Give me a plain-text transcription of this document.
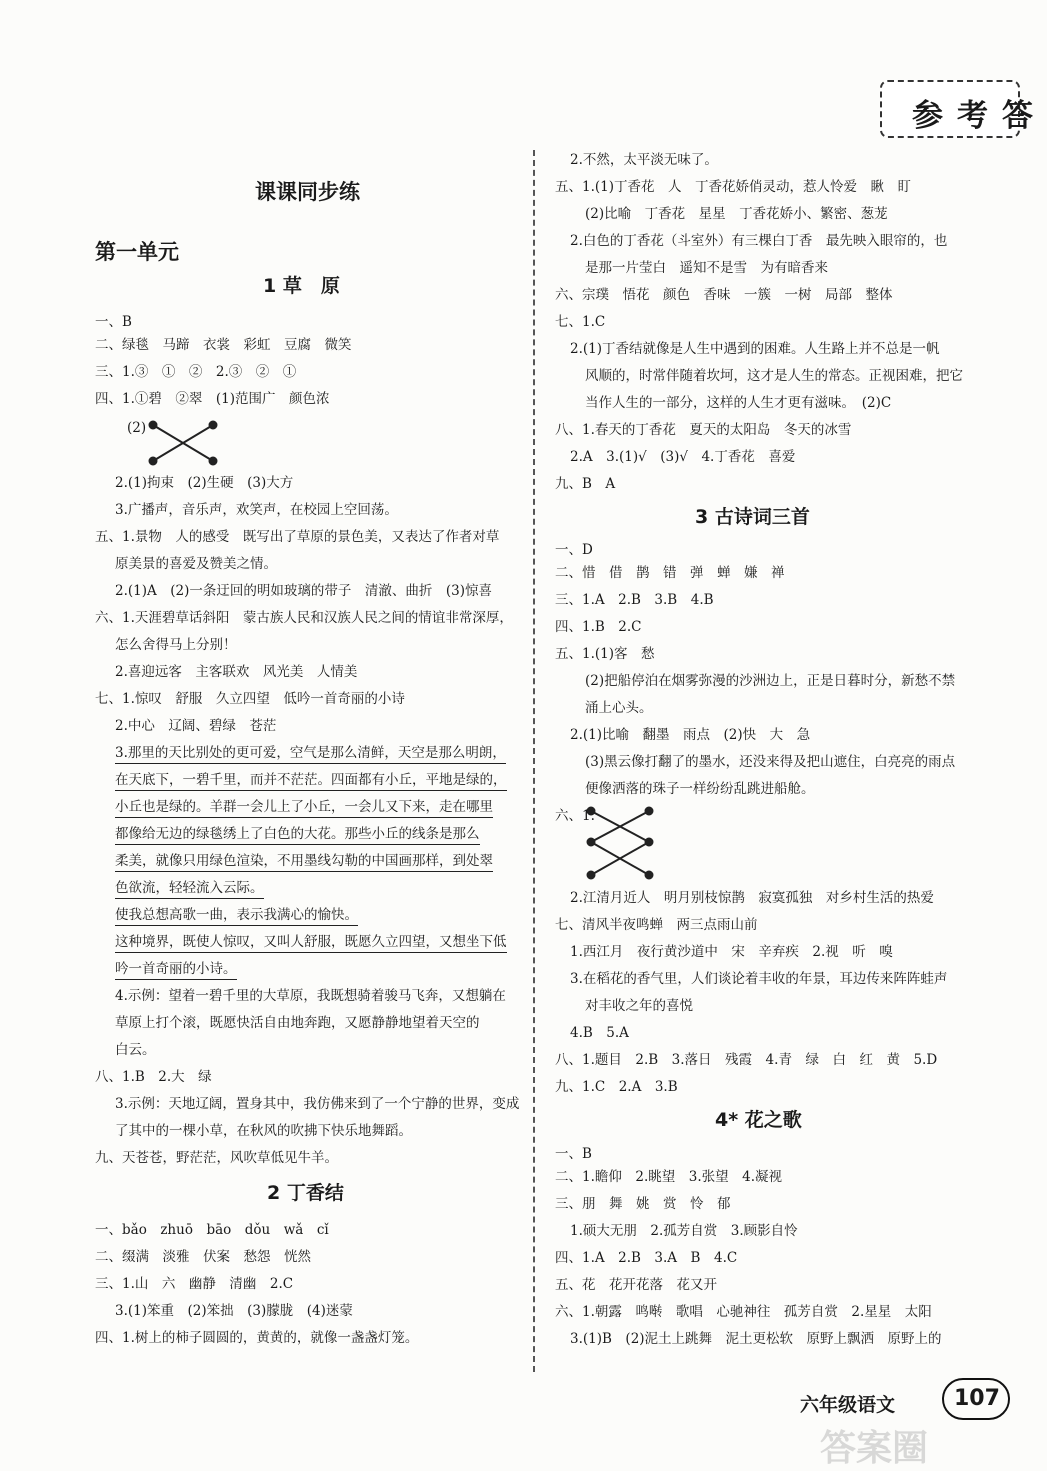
参考答
课课同步练
第一单元
1 草　原
一、B
二、绿毯　马蹄　衣裳　彩虹　豆腐　微笑
三、1.③　①　②　2.③　②　①
四、1.①碧　②翠　(1)范围广　颜色浓
(2)
2.(1)拘束　(2)生硬　(3)大方
3.广播声，音乐声，欢笑声，在校园上空回荡。
五、1.景物　人的感受　既写出了草原的景色美，又表达了作者对草
原美景的喜爱及赞美之情。
2.(1)A　(2)一条迂回的明如玻璃的带子　清澈、曲折　(3)惊喜
六、1.天涯碧草话斜阳　蒙古族人民和汉族人民之间的情谊非常深厚，
怎么舍得马上分别！
2.喜迎远客　主客联欢　风光美　人情美
七、1.惊叹　舒服　久立四望　低吟一首奇丽的小诗
2.中心　辽阔、碧绿　苍茫
3.那里的天比别处的更可爱，空气是那么清鲜，天空是那么明朗，
在天底下，一碧千里，而并不茫茫。四面都有小丘，平地是绿的，
小丘也是绿的。羊群一会儿上了小丘，一会儿又下来，走在哪里
都像给无边的绿毯绣上了白色的大花。那些小丘的线条是那么
柔美，就像只用绿色渲染，不用墨线勾勒的中国画那样，到处翠
色欲流，轻轻流入云际。
使我总想高歌一曲，表示我满心的愉快。
这种境界，既使人惊叹，又叫人舒服，既愿久立四望，又想坐下低
吟一首奇丽的小诗。
4.示例：望着一碧千里的大草原，我既想骑着骏马飞奔，又想躺在
草原上打个滚，既愿快活自由地奔跑，又愿静静地望着天空的
白云。
八、1.B　2.大　绿
3.示例：天地辽阔，置身其中，我仿佛来到了一个宁静的世界，变成
了其中的一棵小草，在秋风的吹拂下快乐地舞蹈。
九、天苍苍，野茫茫，风吹草低见牛羊。
2 丁香结
一、bǎo　zhuō　bāo　dǒu　wǎ　cǐ
二、缀满　淡雅　伏案　愁怨　恍然
三、1.山　六　幽静　清幽　2.C
3.(1)笨重　(2)笨拙　(3)朦胧　(4)迷蒙
四、1.树上的柿子圆圆的，黄黄的，就像一盏盏灯笼。
2.不然，太平淡无味了。
五、1.(1)丁香花　人　丁香花娇俏灵动，惹人怜爱　瞅　盯
(2)比喻　丁香花　星星　丁香花娇小、繁密、葱茏
2.白色的丁香花（斗室外）有三棵白丁香　最先映入眼帘的，也
是那一片莹白　遥知不是雪　为有暗香来
六、宗璞　悟花　颜色　香味　一簇　一树　局部　整体
七、1.C
2.(1)丁香结就像是人生中遇到的困难。人生路上并不总是一帆
风顺的，时常伴随着坎坷，这才是人生的常态。正视困难，把它
当作人生的一部分，这样的人生才更有滋味。　(2)C
八、1.春天的丁香花　夏天的太阳岛　冬天的冰雪
2.A　3.(1)√　(3)√　4.丁香花　喜爱
九、B　A
3 古诗词三首
一、D
二、惜　借　鹊　错　弹　蝉　嫌　禅
三、1.A　2.B　3.B　4.B
四、1.B　2.C
五、1.(1)客　愁
(2)把船停泊在烟雾弥漫的沙洲边上，正是日暮时分，新愁不禁
涌上心头。
2.(1)比喻　翻墨　雨点　(2)快　大　急
(3)黑云像打翻了的墨水，还没来得及把山遮住，白亮亮的雨点
便像洒落的珠子一样纷纷乱跳进船舱。
六、1.
2.江清月近人　明月别枝惊鹊　寂寞孤独　对乡村生活的热爱
七、清风半夜鸣蝉　两三点雨山前
1.西江月　夜行黄沙道中　宋　辛弃疾　2.视　听　嗅
3.在稻花的香气里，人们谈论着丰收的年景，耳边传来阵阵蛙声
对丰收之年的喜悦
4.B　5.A
八、1.题目　2.B　3.落日　残霞　4.青　绿　白　红　黄　5.D
九、1.C　2.A　3.B
4* 花之歌
一、B
二、1.瞻仰　2.眺望　3.张望　4.凝视
三、朋　舞　姚　赏　怜　郁
1.硕大无朋　2.孤芳自赏　3.顾影自怜
四、1.A　2.B　3.A　B　4.C
五、花　花开花落　花又开
六、1.朝露　鸣啭　歌唱　心驰神往　孤芳自赏　2.星星　太阳
3.(1)B　(2)泥土上跳舞　泥土更松软　原野上飘洒　原野上的
六年级语文	107
答案圈
